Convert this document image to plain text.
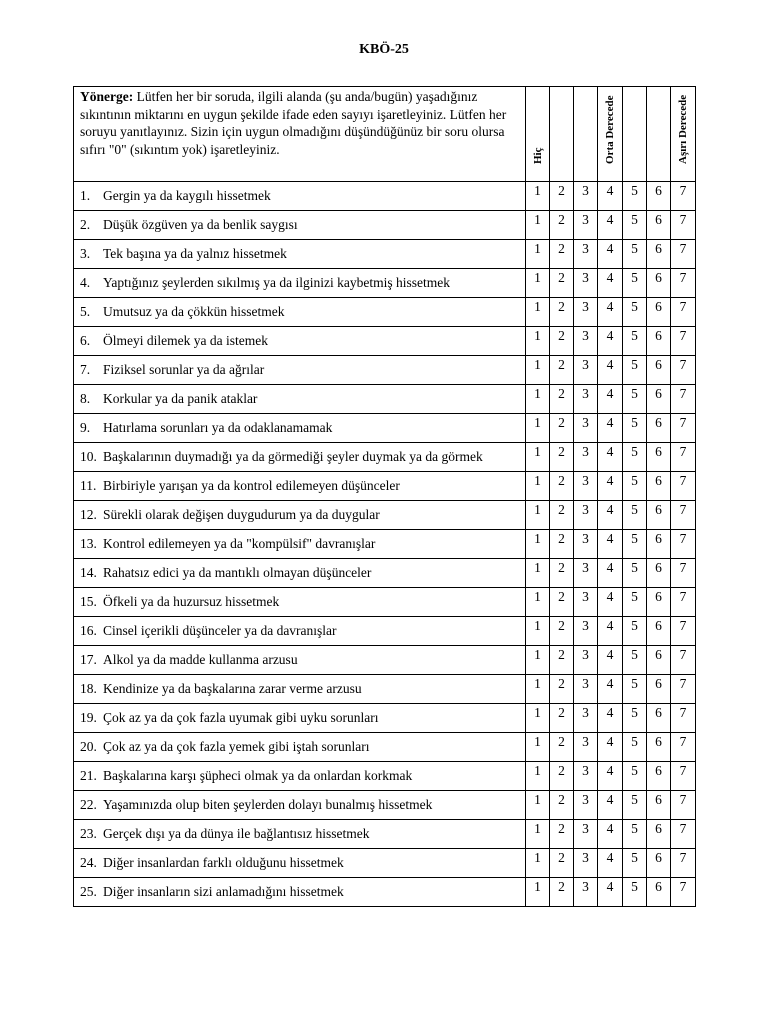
KBÖ-25
Yönerge: Lütfen her bir soruda, ilgili alanda (şu anda/bugün) yaşadığınız sıkıntının miktarını en uygun şekilde ifade eden sayıyı işaretleyiniz. Lütfen her soruyu yanıtlayınız. Sizin için uygun olmadığını düşündüğünüz bir soru olursa sıfırı "0" (sıkıntım yok) işaretleyiniz.	Hiç			Orta Derecede			Aşırı Derecede

1. Gergin ya da kaygılı hissetmek	1	2	3	4	5	6	7

2. Düşük özgüven ya da benlik saygısı	1	2	3	4	5	6	7

3. Tek başına ya da yalnız hissetmek	1	2	3	4	5	6	7

4. Yaptığınız şeylerden sıkılmış ya da ilginizi kaybetmiş hissetmek	1	2	3	4	5	6	7

5. Umutsuz ya da çökkün hissetmek	1	2	3	4	5	6	7

6. Ölmeyi dilemek ya da istemek	1	2	3	4	5	6	7

7. Fiziksel sorunlar ya da ağrılar	1	2	3	4	5	6	7

8. Korkular ya da panik ataklar	1	2	3	4	5	6	7

9. Hatırlama sorunları ya da odaklanamamak	1	2	3	4	5	6	7

10. Başkalarının duymadığı ya da görmediği şeyler duymak ya da görmek	1	2	3	4	5	6	7

11. Birbiriyle yarışan ya da kontrol edilemeyen düşünceler	1	2	3	4	5	6	7

12. Sürekli olarak değişen duygudurum ya da duygular	1	2	3	4	5	6	7

13. Kontrol edilemeyen ya da "kompülsif" davranışlar	1	2	3	4	5	6	7

14. Rahatsız edici ya da mantıklı olmayan düşünceler	1	2	3	4	5	6	7

15. Öfkeli ya da huzursuz hissetmek	1	2	3	4	5	6	7

16. Cinsel içerikli düşünceler ya da davranışlar	1	2	3	4	5	6	7

17. Alkol ya da madde kullanma arzusu	1	2	3	4	5	6	7

18. Kendinize ya da başkalarına zarar verme arzusu	1	2	3	4	5	6	7

19. Çok az ya da çok fazla uyumak gibi uyku sorunları	1	2	3	4	5	6	7

20. Çok az ya da çok fazla yemek gibi iştah sorunları	1	2	3	4	5	6	7

21. Başkalarına karşı şüpheci olmak ya da onlardan korkmak	1	2	3	4	5	6	7

22. Yaşamınızda olup biten şeylerden dolayı bunalmış hissetmek	1	2	3	4	5	6	7

23. Gerçek dışı ya da dünya ile bağlantısız hissetmek	1	2	3	4	5	6	7

24. Diğer insanlardan farklı olduğunu hissetmek	1	2	3	4	5	6	7

25. Diğer insanların sizi anlamadığını hissetmek	1	2	3	4	5	6	7
